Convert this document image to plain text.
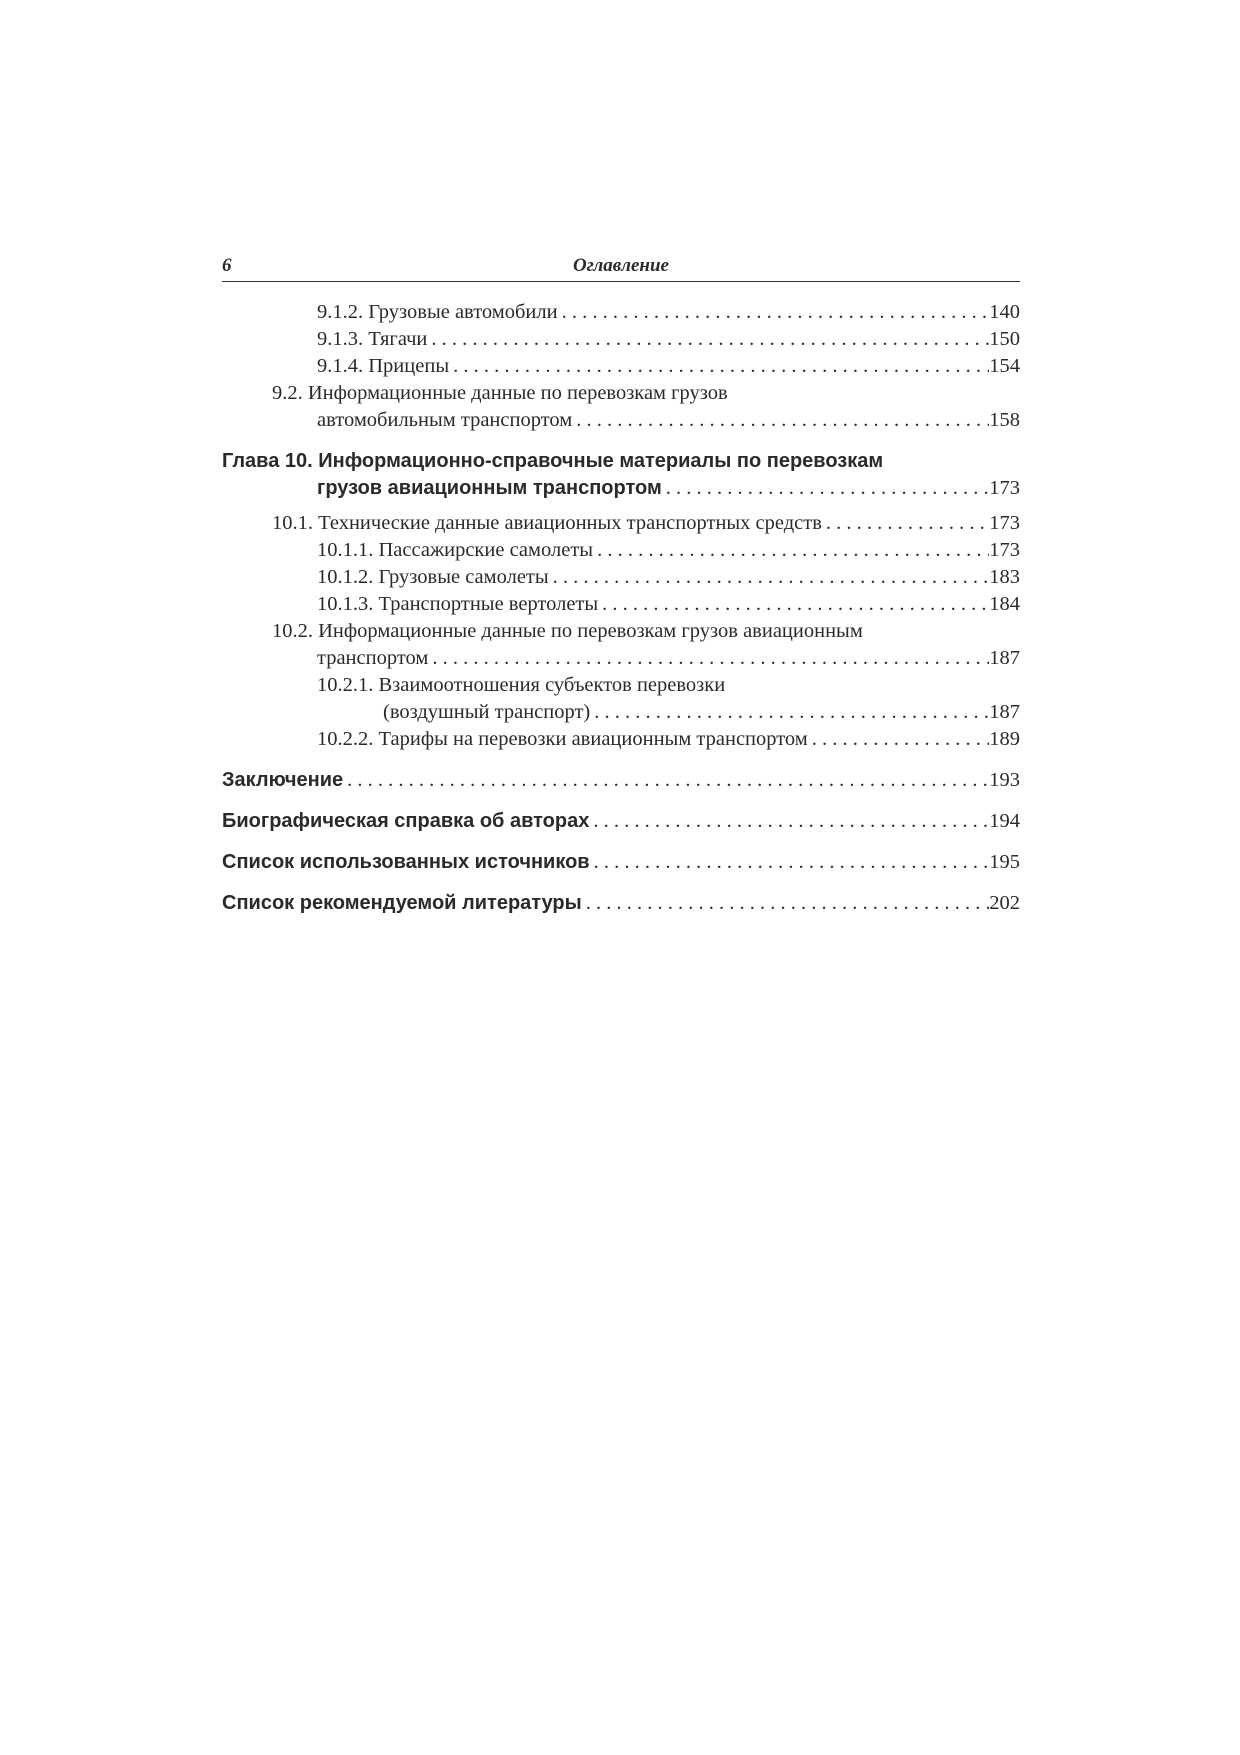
6	Оглавление
9.1.2. Грузовые автомобили . . .	140
9.1.3. Тягачи . . .	150
9.1.4. Прицепы . . .	154
9.2. Информационные данные по перевозкам грузов
автомобильным транспортом . . .	158
Глава 10. Информационно-справочные материалы по перевозкам
грузов авиационным транспортом . . .	173
10.1. Технические данные авиационных транспортных средств . . .	173
10.1.1. Пассажирские самолеты . . .	173
10.1.2. Грузовые самолеты . . .	183
10.1.3. Транспортные вертолеты . . .	184
10.2. Информационные данные по перевозкам грузов авиационным
транспортом . . .	187
10.2.1. Взаимоотношения субъектов перевозки
(воздушный транспорт) . . .	187
10.2.2. Тарифы на перевозки авиационным транспортом . . .	189
Заключение . . .	193
Биографическая справка об авторах . . .	194
Список использованных источников . . .	195
Список рекомендуемой литературы . . .	202
